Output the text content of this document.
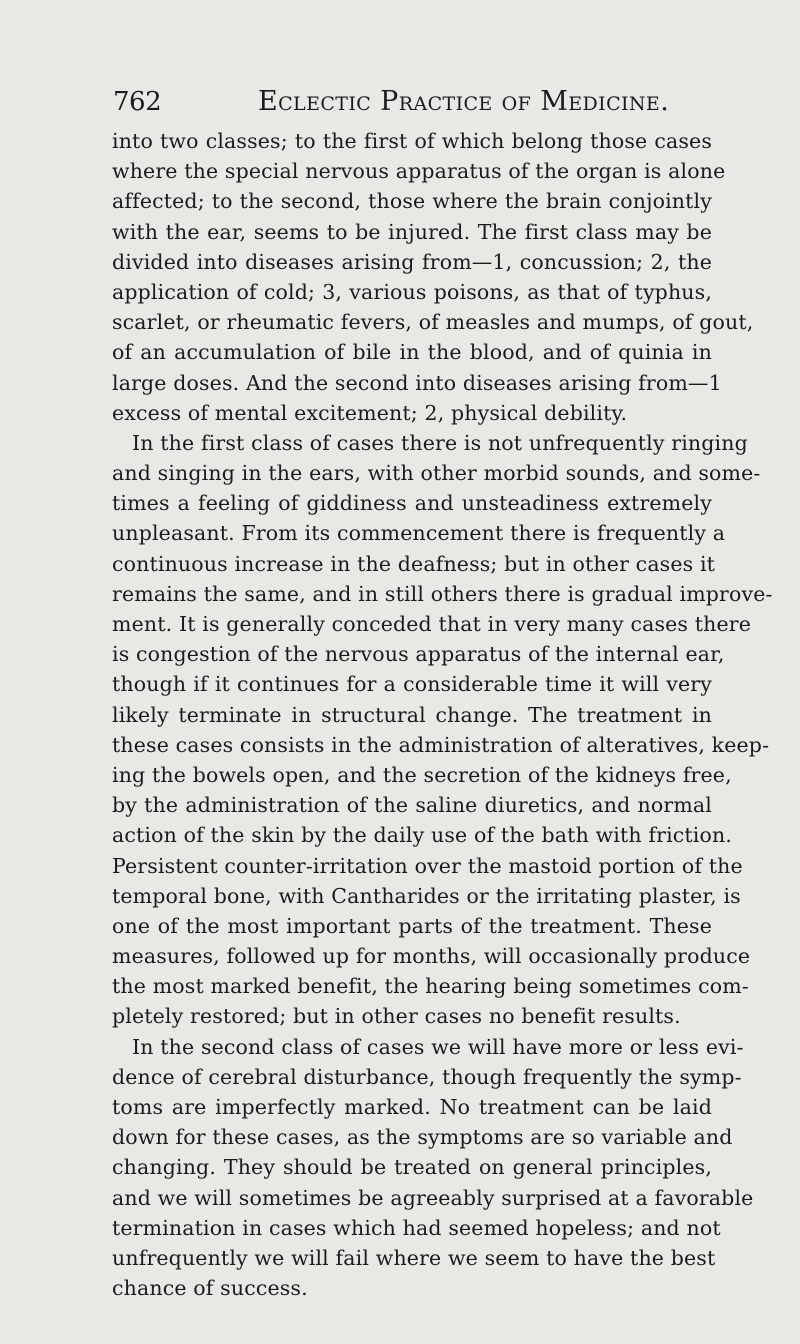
762	Eclectic Practice of Medicine.
into two classes; to the first of which belong those cases
where the special nervous apparatus of the organ is alone
affected; to the second, those where the brain conjointly
with the ear, seems to be injured. The first class may be
divided into diseases arising from—1, concussion; 2, the
application of cold; 3, various poisons, as that of typhus,
scarlet, or rheumatic fevers, of measles and mumps, of gout,
of an accumulation of bile in the blood, and of quinia in
large doses. And the second into diseases arising from—1
excess of mental excitement; 2, physical debility.
In the first class of cases there is not unfrequently ringing
and singing in the ears, with other morbid sounds, and some-
times a feeling of giddiness and unsteadiness extremely
unpleasant. From its commencement there is frequently a
continuous increase in the deafness; but in other cases it
remains the same, and in still others there is gradual improve-
ment. It is generally conceded that in very many cases there
is congestion of the nervous apparatus of the internal ear,
though if it continues for a considerable time it will very
likely terminate in structural change. The treatment in
these cases consists in the administration of alteratives, keep-
ing the bowels open, and the secretion of the kidneys free,
by the administration of the saline diuretics, and normal
action of the skin by the daily use of the bath with friction.
Persistent counter-irritation over the mastoid portion of the
temporal bone, with Cantharides or the irritating plaster, is
one of the most important parts of the treatment. These
measures, followed up for months, will occasionally produce
the most marked benefit, the hearing being sometimes com-
pletely restored; but in other cases no benefit results.
In the second class of cases we will have more or less evi-
dence of cerebral disturbance, though frequently the symp-
toms are imperfectly marked. No treatment can be laid
down for these cases, as the symptoms are so variable and
changing. They should be treated on general principles,
and we will sometimes be agreeably surprised at a favorable
termination in cases which had seemed hopeless; and not
unfrequently we will fail where we seem to have the best
chance of success.
